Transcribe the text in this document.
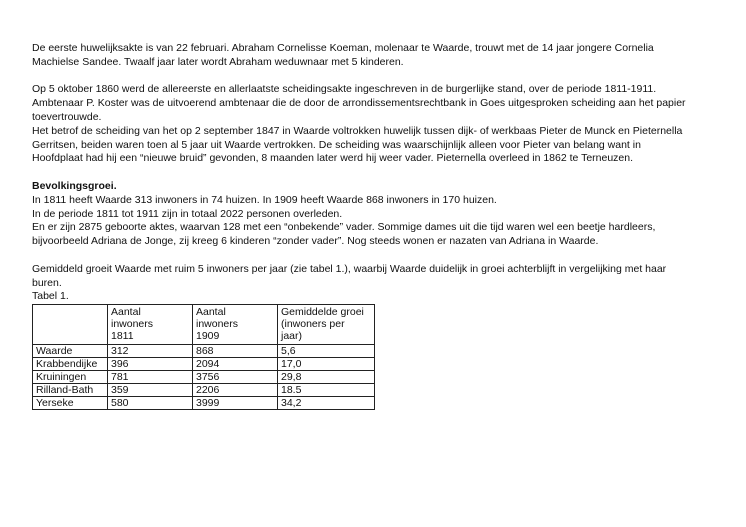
De eerste huwelijksakte is van 22 februari. Abraham Cornelisse Koeman, molenaar te Waarde, trouwt met de 14 jaar jongere Cornelia

Machielse Sandee. Twaalf jaar later wordt Abraham weduwnaar met 5 kinderen.

Op 5 oktober 1860 werd de allereerste en allerlaatste scheidingsakte ingeschreven in de burgerlijke stand, over de periode 1811-1911.

Ambtenaar P. Koster was de uitvoerend ambtenaar die de door de arrondissementsrechtbank in Goes uitgesproken scheiding aan het papier

toevertrouwde.

Het betrof de scheiding van het op 2 september 1847 in Waarde voltrokken huwelijk tussen dijk- of werkbaas Pieter de Munck en Pieternella

Gerritsen, beiden waren toen al 5 jaar uit Waarde vertrokken. De scheiding was waarschijnlijk alleen voor Pieter van belang want in

Hoofdplaat had hij een “nieuwe bruid” gevonden, 8 maanden later werd hij weer vader. Pieternella overleed in 1862 te Terneuzen.

Bevolkingsgroei.

In 1811 heeft Waarde 313 inwoners in 74 huizen. In 1909 heeft Waarde 868 inwoners in 170 huizen.

In de periode 1811 tot 1911 zijn in totaal 2022 personen overleden.

En er zijn 2875 geboorte aktes, waarvan 128 met een “onbekende” vader. Sommige dames uit die tijd waren wel een beetje hardleers,

bijvoorbeeld Adriana de Jonge, zij kreeg 6 kinderen “zonder vader”. Nog steeds wonen er nazaten van Adriana in Waarde.

Gemiddeld groeit Waarde met ruim 5 inwoners per jaar (zie tabel 1.), waarbij Waarde duidelijk in groei achterblijft in vergelijking met haar

buren.

Tabel 1.

	Aantal
inwoners
1811	Aantal
inwoners
1909	Gemiddelde groei
(inwoners per
jaar)

Waarde	312	868	5,6
Krabbendijke	396	2094	17,0
Kruiningen	781	3756	29,8
Rilland-Bath	359	2206	18.5
Yerseke	580	3999	34,2
